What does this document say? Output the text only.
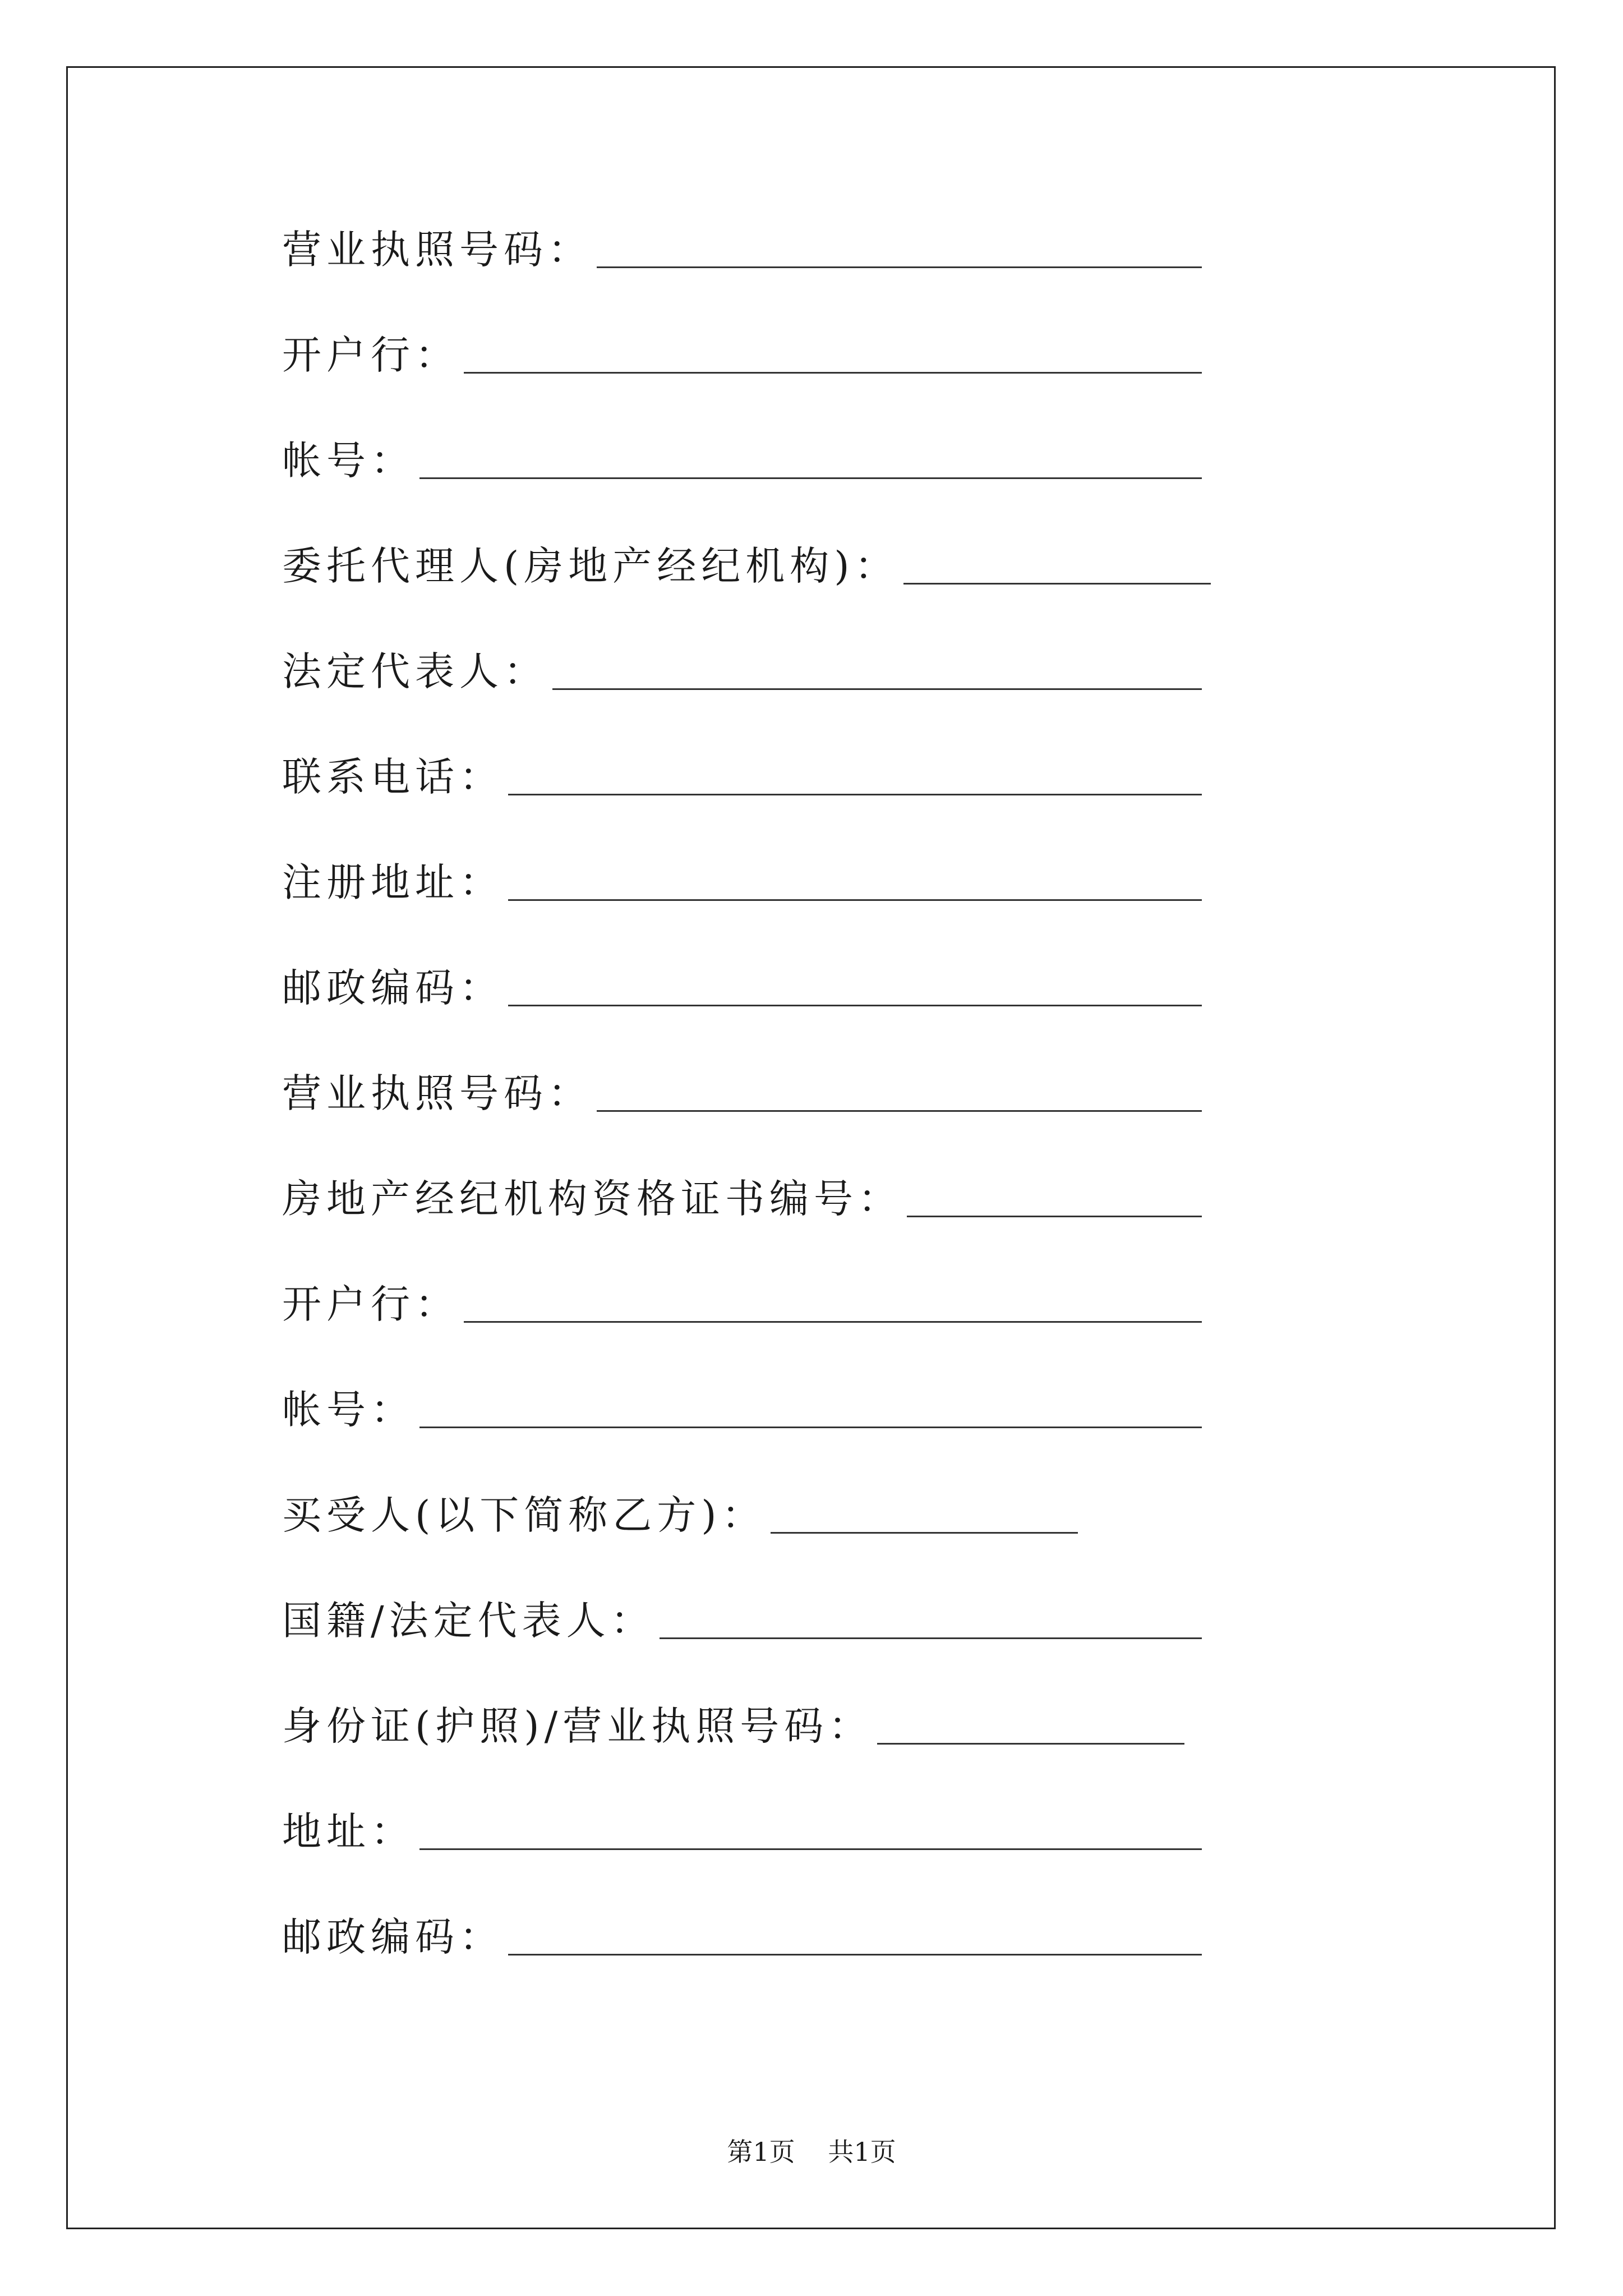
营业执照号码：
开户行：
帐号：
委托代理人(房地产经纪机构)：
法定代表人：
联系电话：
注册地址：
邮政编码：
营业执照号码：
房地产经纪机构资格证书编号：
开户行：
帐号：
买受人(以下简称乙方)：
国籍/法定代表人：
身份证(护照)/营业执照号码：
地址：
邮政编码：
第1页 共1页
